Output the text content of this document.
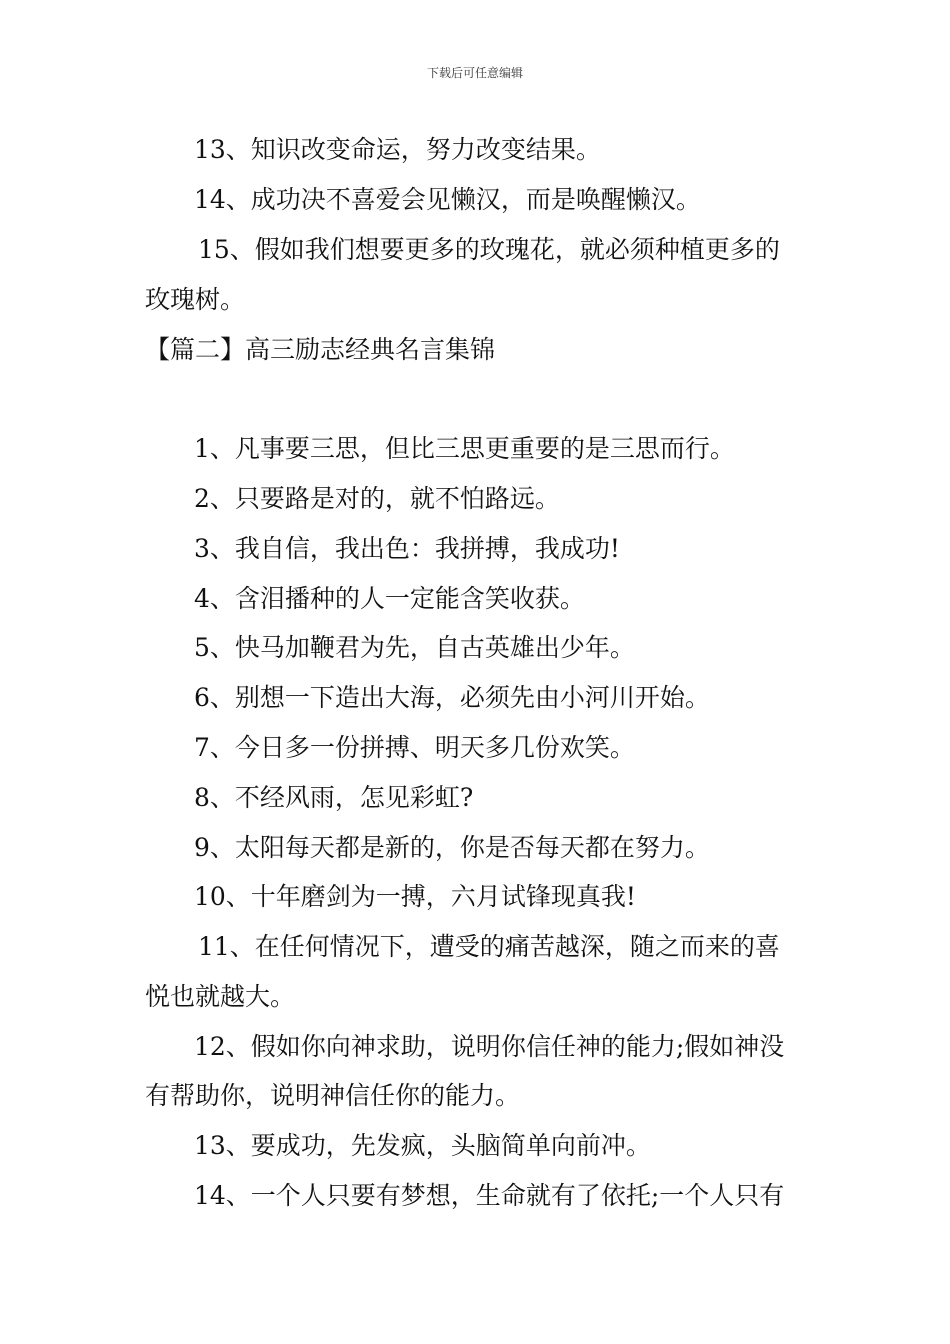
下载后可任意编辑
13、知识改变命运，努力改变结果。
14、成功决不喜爱会见懒汉，而是唤醒懒汉。
15、假如我们想要更多的玫瑰花，就必须种植更多的
玫瑰树。
【篇二】高三励志经典名言集锦
1、凡事要三思，但比三思更重要的是三思而行。
2、只要路是对的，就不怕路远。
3、我自信，我出色：我拼搏，我成功!
4、含泪播种的人一定能含笑收获。
5、快马加鞭君为先，自古英雄出少年。
6、别想一下造出大海，必须先由小河川开始。
7、今日多一份拼搏、明天多几份欢笑。
8、不经风雨，怎见彩虹?
9、太阳每天都是新的，你是否每天都在努力。
10、十年磨剑为一搏，六月试锋现真我!
11、在任何情况下，遭受的痛苦越深，随之而来的喜
悦也就越大。
12、假如你向神求助，说明你信任神的能力;假如神没
有帮助你，说明神信任你的能力。
13、要成功，先发疯，头脑简单向前冲。
14、一个人只要有梦想，生命就有了依托;一个人只有
